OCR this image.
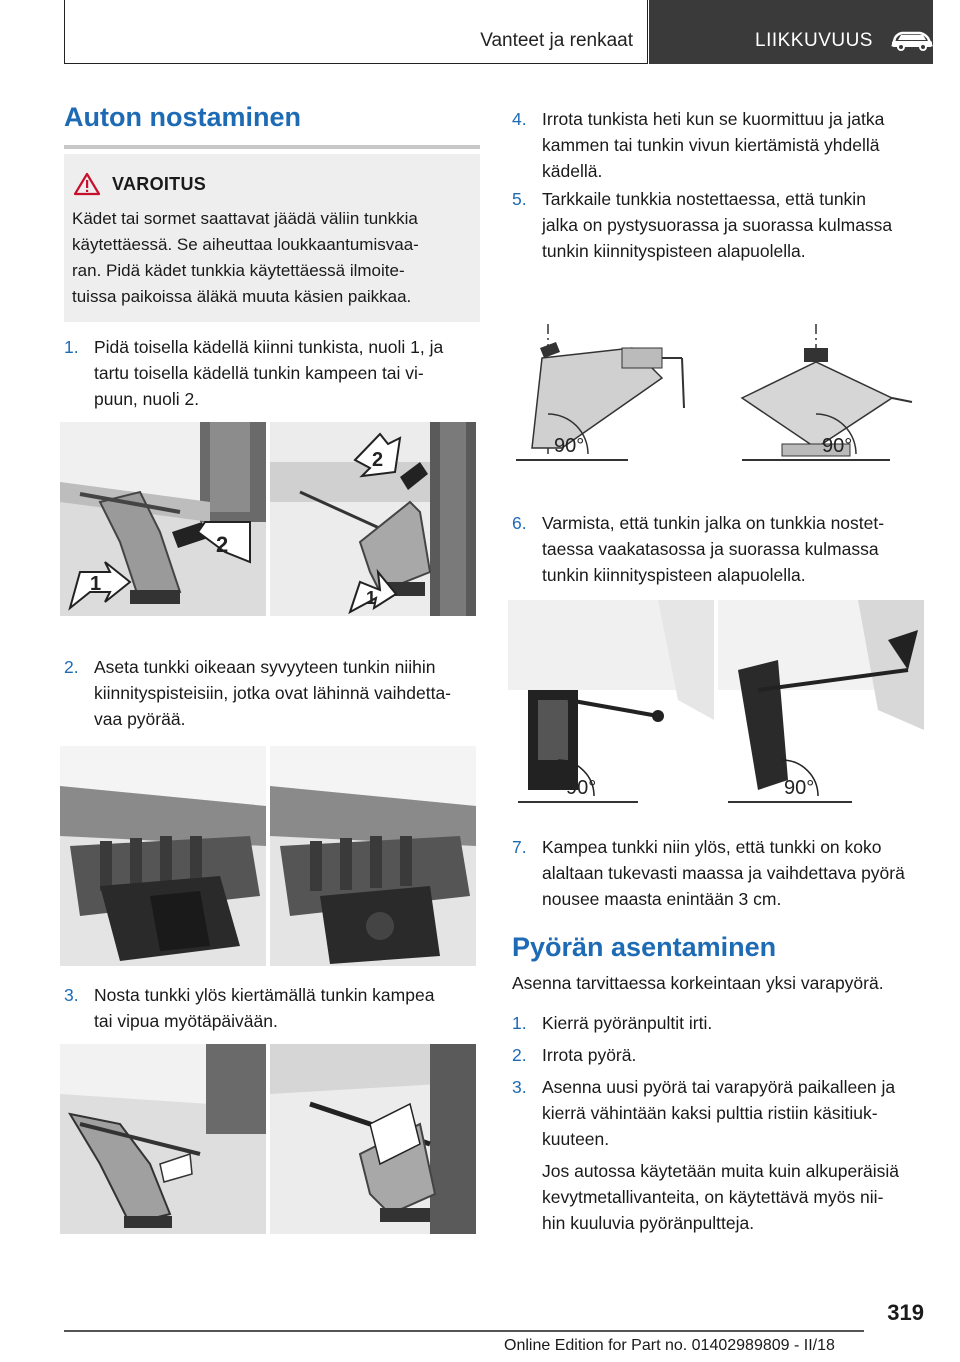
Vanteet ja renkaat	LIIKKUVUUS
Auton nostaminen
VAROITUS
Kädet tai sormet saattavat jäädä väliin tunkkia
käytettäessä. Se aiheuttaa loukkaantumisvaa-
ran. Pidä kädet tunkkia käytettäessä ilmoite-
tuissa paikoissa äläkä muuta käsien paikkaa.
1. Pidä toisella kädellä kiinni tunkista, nuoli 1, ja
tartu toisella kädellä tunkin kampeen tai vi-
puun, nuoli 2.
2
1
2
1
2. Aseta tunkki oikeaan syvyyteen tunkin niihin
kiinnityspisteisiin, jotka ovat lähinnä vaihdetta-
vaa pyörää.
3. Nosta tunkki ylös kiertämällä tunkin kampea
tai vipua myötäpäivään.
4. Irrota tunkista heti kun se kuormittuu ja jatka
kammen tai tunkin vivun kiertämistä yhdellä
kädellä.
5. Tarkkaile tunkkia nostettaessa, että tunkin
jalka on pystysuorassa ja suorassa kulmassa
tunkin kiinnityspisteen alapuolella.
90°	90°
6. Varmista, että tunkin jalka on tunkkia nostet-
taessa vaakatasossa ja suorassa kulmassa
tunkin kiinnityspisteen alapuolella.
90°	90°
7. Kampea tunkki niin ylös, että tunkki on koko
alaltaan tukevasti maassa ja vaihdettava pyörä
nousee maasta enintään 3 cm.
Pyörän asentaminen
Asenna tarvittaessa korkeintaan yksi varapyörä.
1. Kierrä pyöränpultit irti.
2. Irrota pyörä.
3. Asenna uusi pyörä tai varapyörä paikalleen ja
kierrä vähintään kaksi pulttia ristiin käsitiuk-
kuuteen.
Jos autossa käytetään muita kuin alkuperäisiä
kevytmetallivanteita, on käytettävä myös nii-
hin kuuluvia pyöränpultteja.
319
Online Edition for Part no. 01402989809 - II/18
